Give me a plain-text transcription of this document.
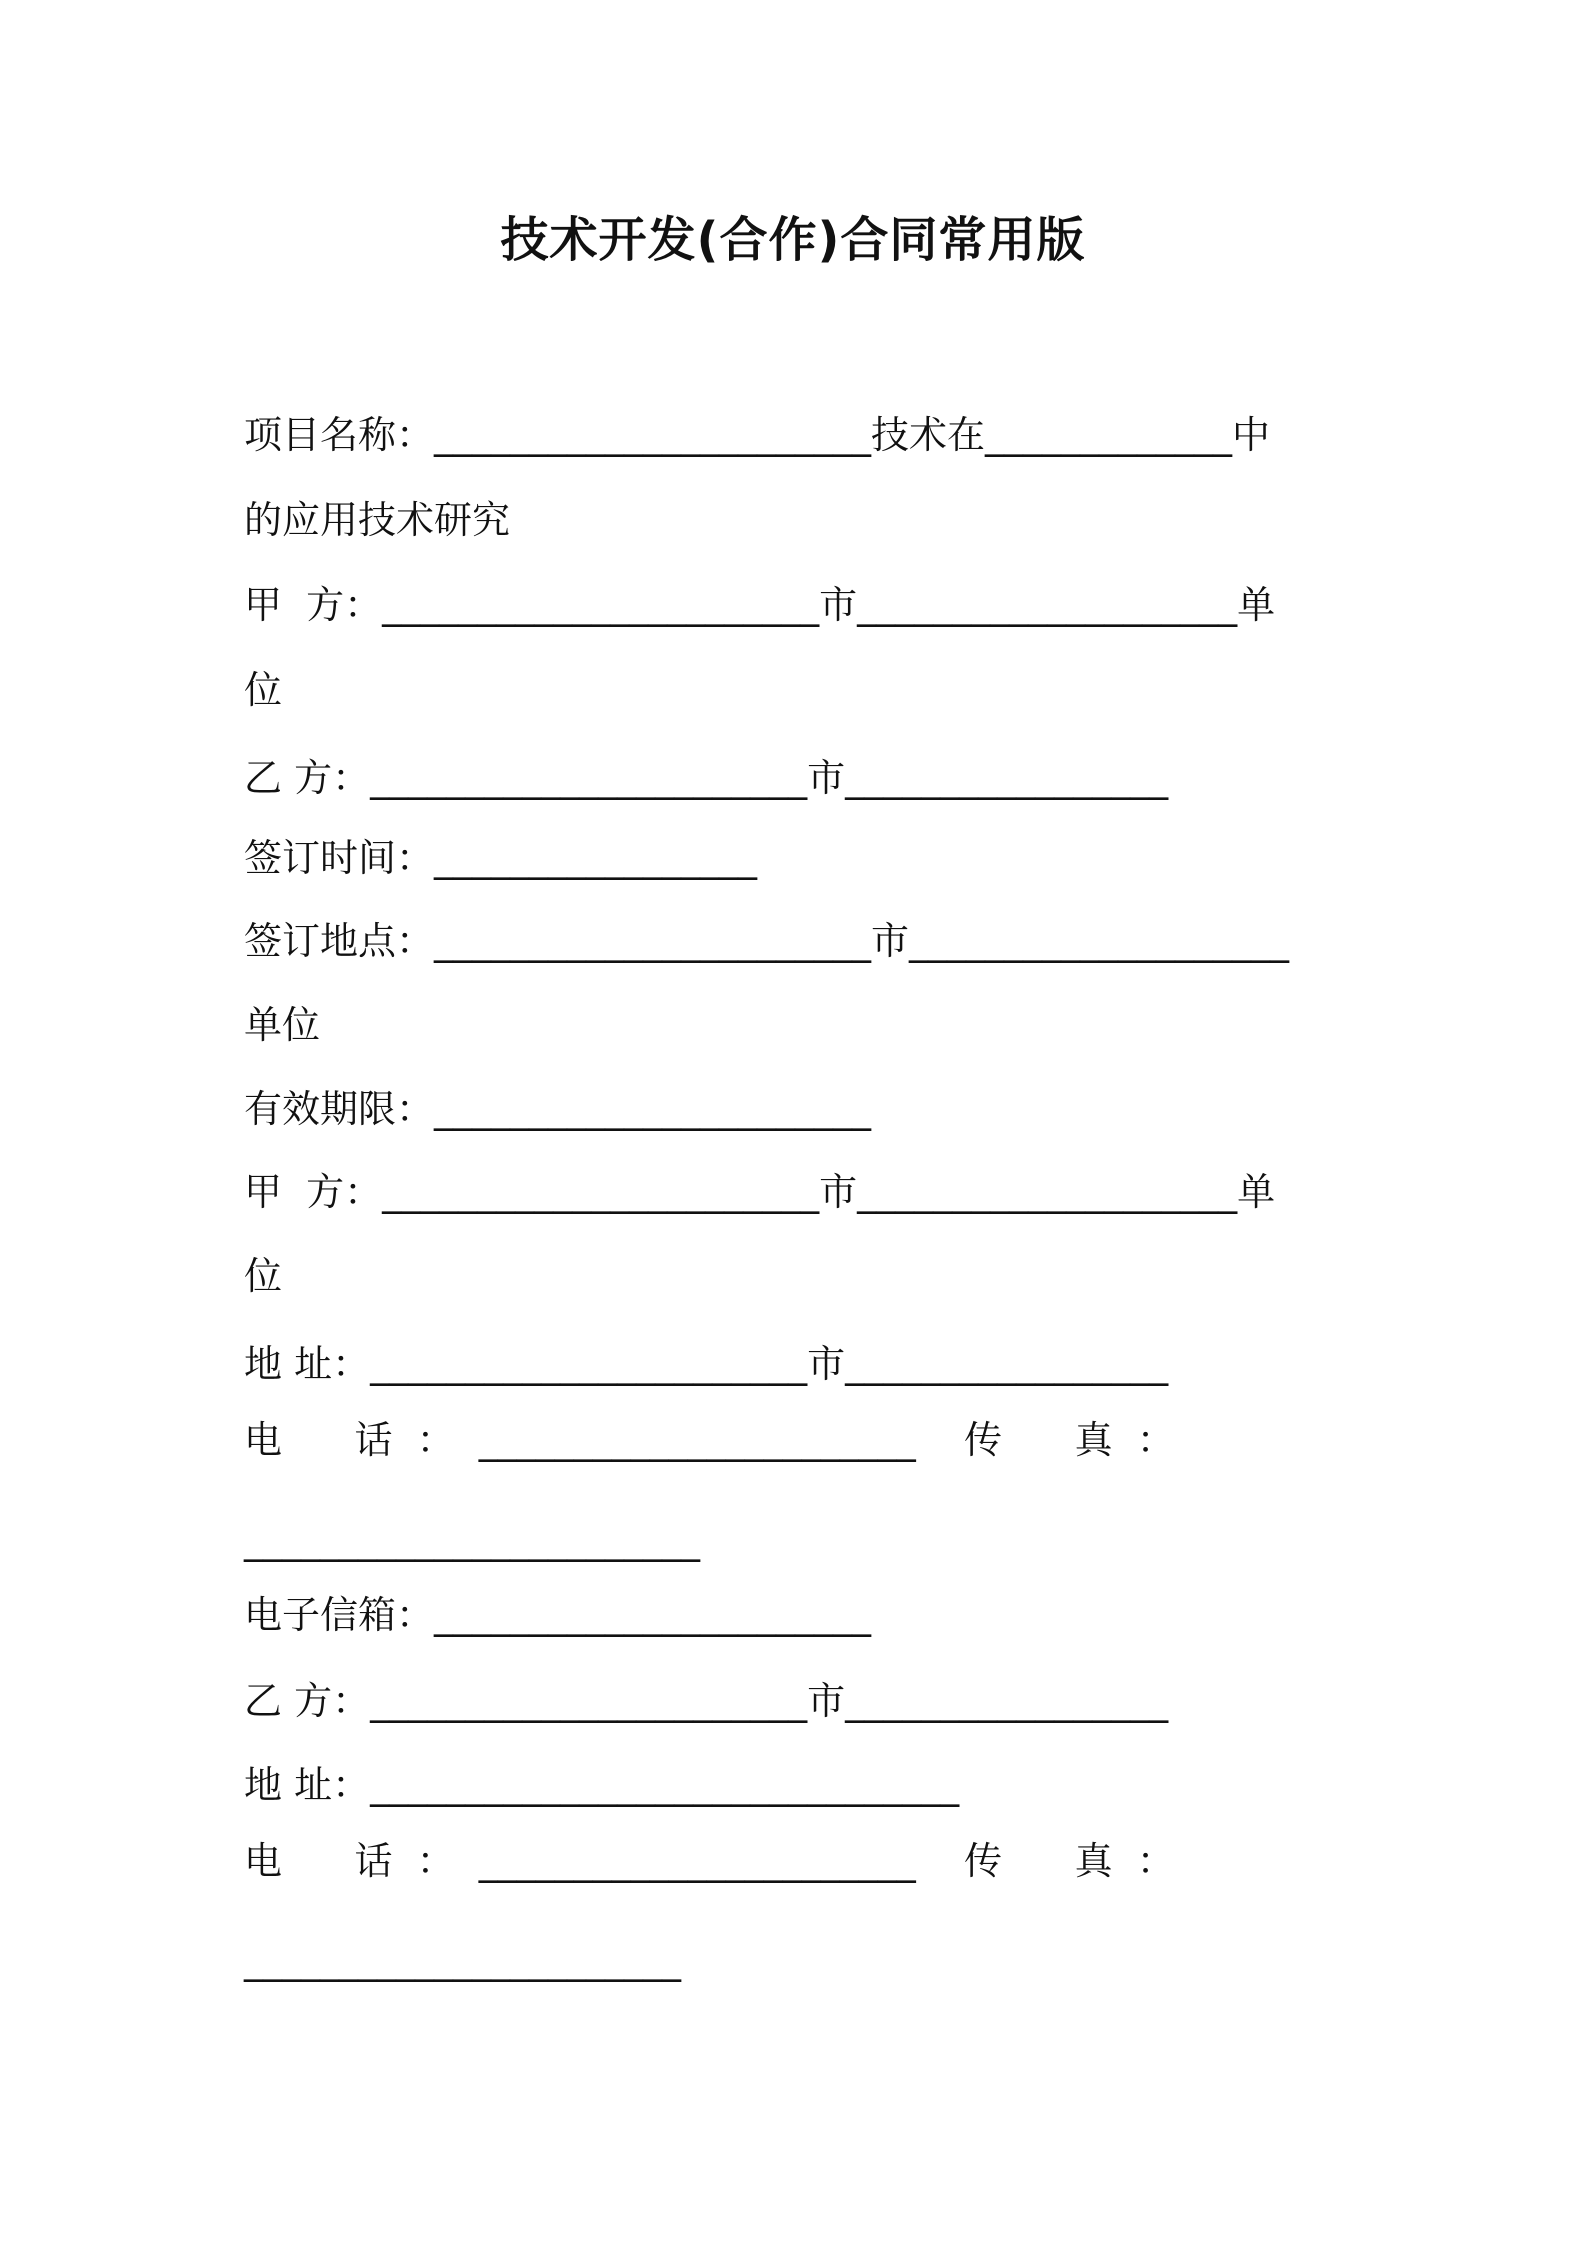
技术开发(合作)合同常用版
项目名称：_______________________技术在_____________中
的应用技术研究
甲  方：_______________________市____________________单
位
乙 方：_______________________市_________________
签订时间：_________________
签订地点：_______________________市____________________
单位
有效期限：_______________________
甲  方：_______________________市____________________单
位
地 址：_______________________市_________________
电      话  ：  _______________________    传      真  ：
________________________
电子信箱：_______________________
乙 方：_______________________市_________________
地 址：_______________________________
电      话  ：  _______________________    传      真  ：
_______________________
